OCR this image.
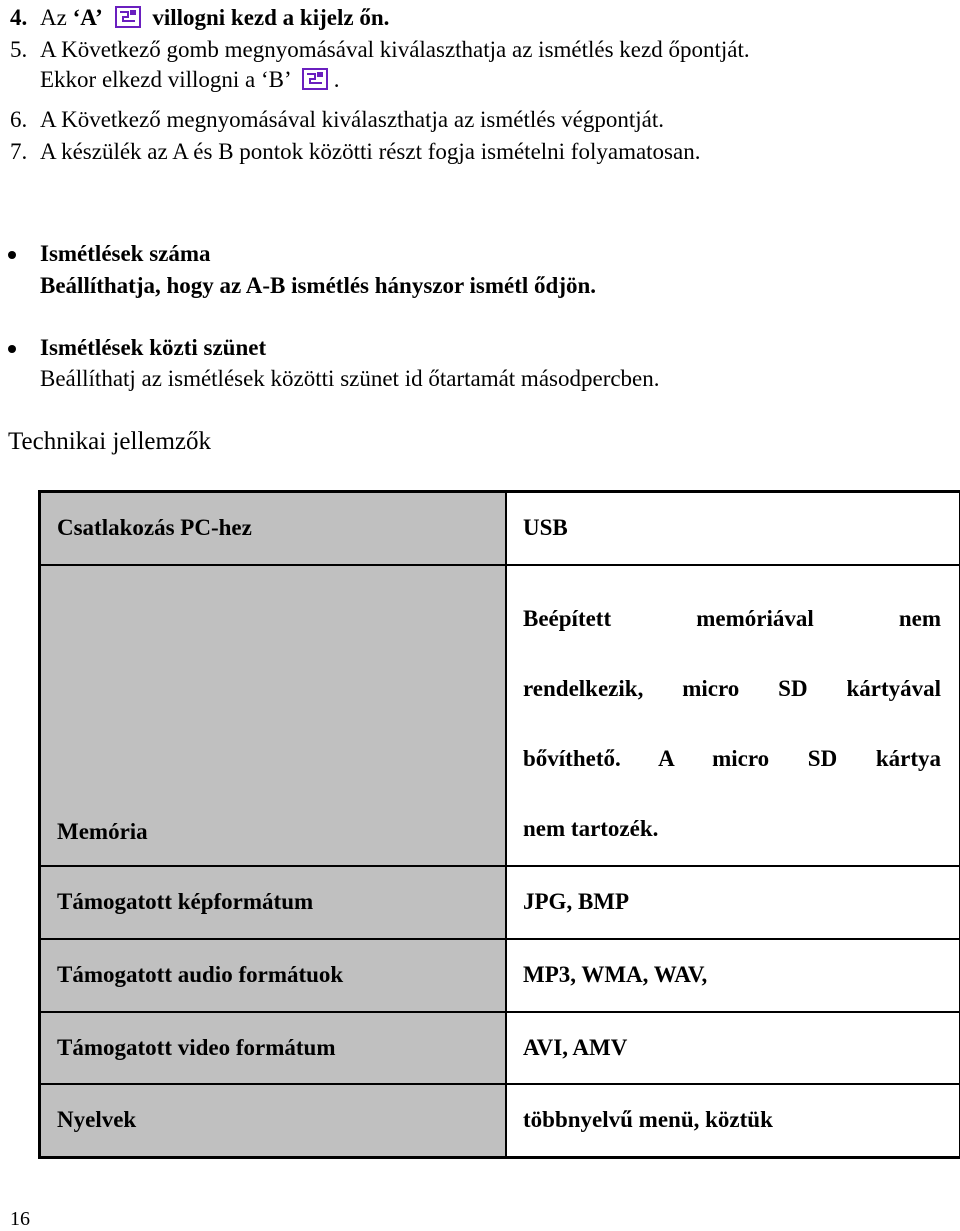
4. Az ‘A’ villogni kezd a kijelz őn.
5. A Következő gomb megnyomásával kiválaszthatja az ismétlés kezd őpontját.
Ekkor elkezd villogni a ‘B’ .
6. A Következő megnyomásával kiválaszthatja az ismétlés végpontját.
7. A készülék az A és B pontok közötti részt fogja ismételni folyamatosan.
Ismétlések száma
Beállíthatja, hogy az A-B ismétlés hányszor ismétl ődjön.
Ismétlések közti szünet
Beállíthatj az ismétlések közötti szünet id őtartamát másodpercben.
Technikai jellemzők
Csatlakozás PC-hez	USB
Memória	Beépített memóriával nem
rendelkezik, micro SD kártyával
bővíthető. A micro SD kártya
nem tartozék.

Támogatott képformátum	JPG, BMP
Támogatott audio formátuok	MP3, WMA, WAV,
Támogatott video formátum	AVI, AMV
Nyelvek	többnyelvű menü, köztük
16
